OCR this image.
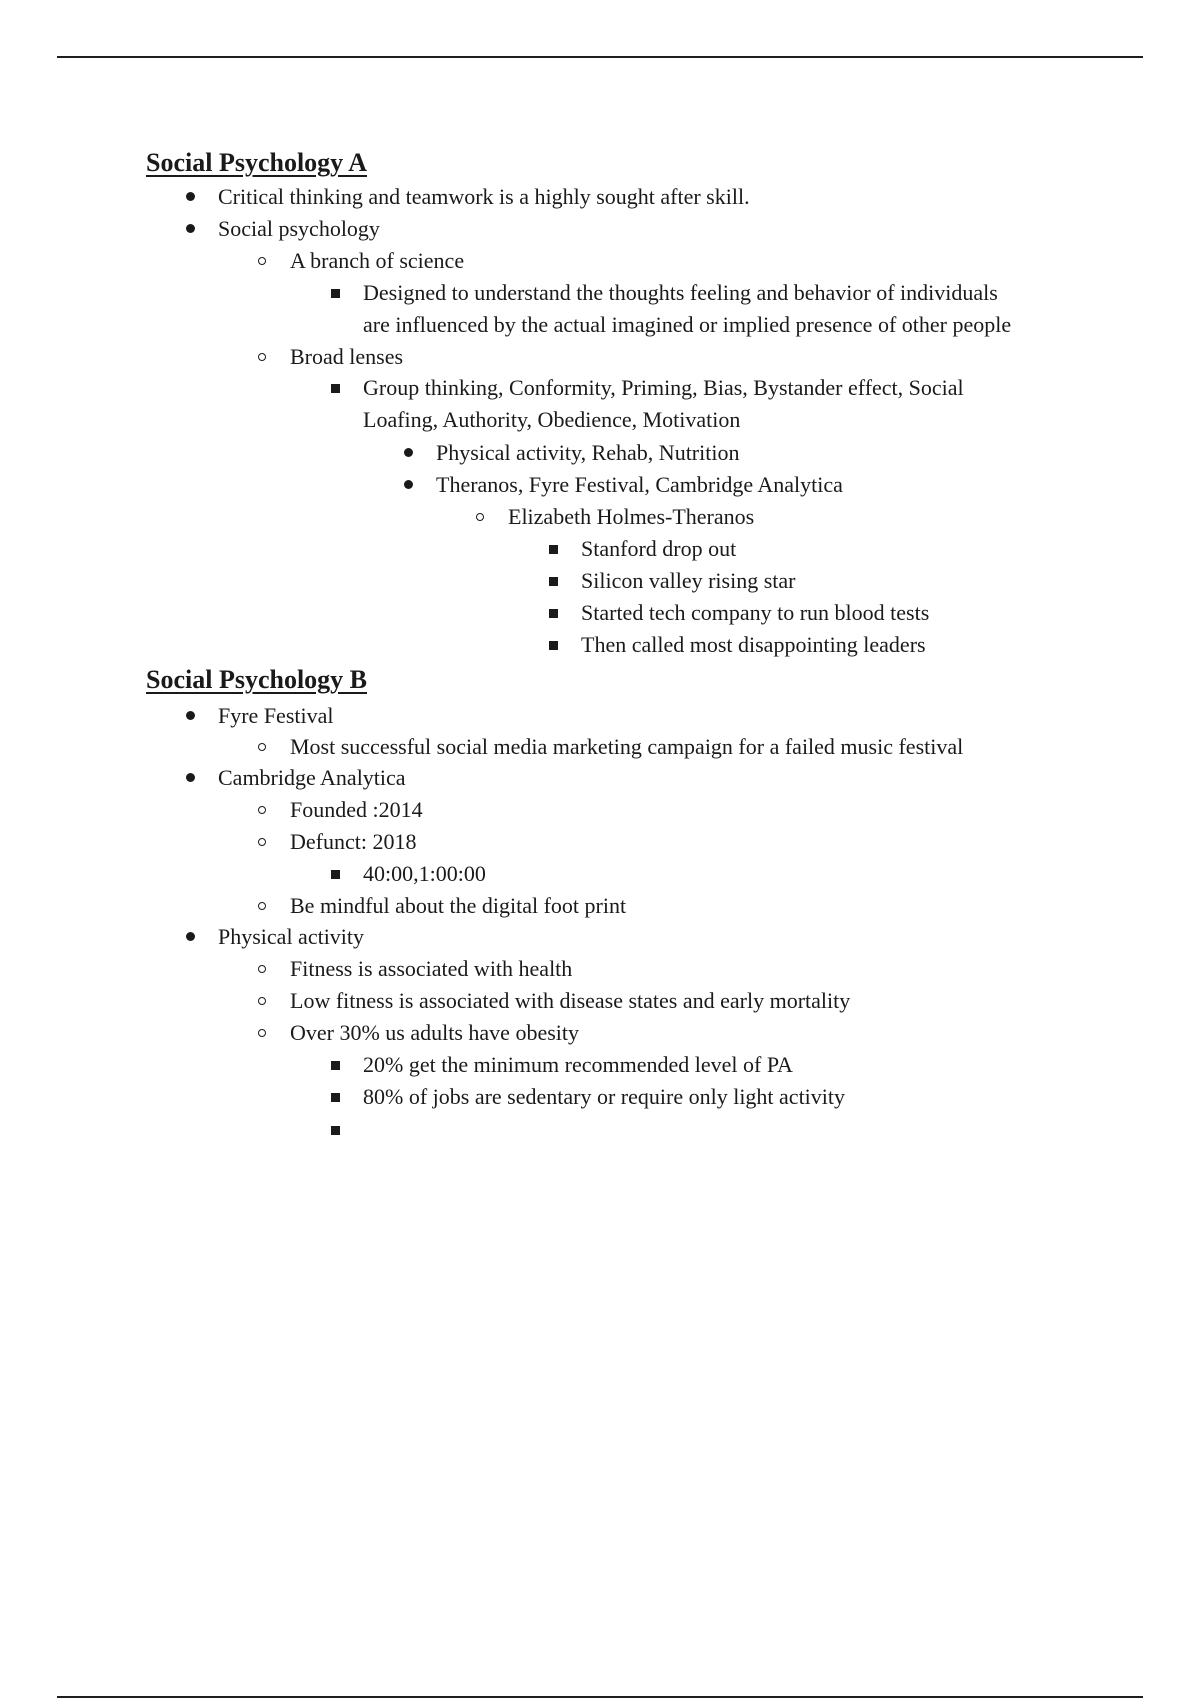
Social Psychology A
Critical thinking and teamwork is a highly sought after skill.
Social psychology
A branch of science
Designed to understand the thoughts feeling and behavior of individuals
are influenced by the actual imagined or implied presence of other people
Broad lenses
Group thinking, Conformity, Priming, Bias, Bystander effect, Social
Loafing, Authority, Obedience, Motivation
Physical activity, Rehab, Nutrition
Theranos, Fyre Festival, Cambridge Analytica
Elizabeth Holmes-Theranos
Stanford drop out
Silicon valley rising star
Started tech company to run blood tests
Then called most disappointing leaders
Social Psychology B
Fyre Festival
Most successful social media marketing campaign for a failed music festival
Cambridge Analytica
Founded :2014
Defunct: 2018
40:00,1:00:00
Be mindful about the digital foot print
Physical activity
Fitness is associated with health
Low fitness is associated with disease states and early mortality
Over 30% us adults have obesity
20% get the minimum recommended level of PA
80% of jobs are sedentary or require only light activity
